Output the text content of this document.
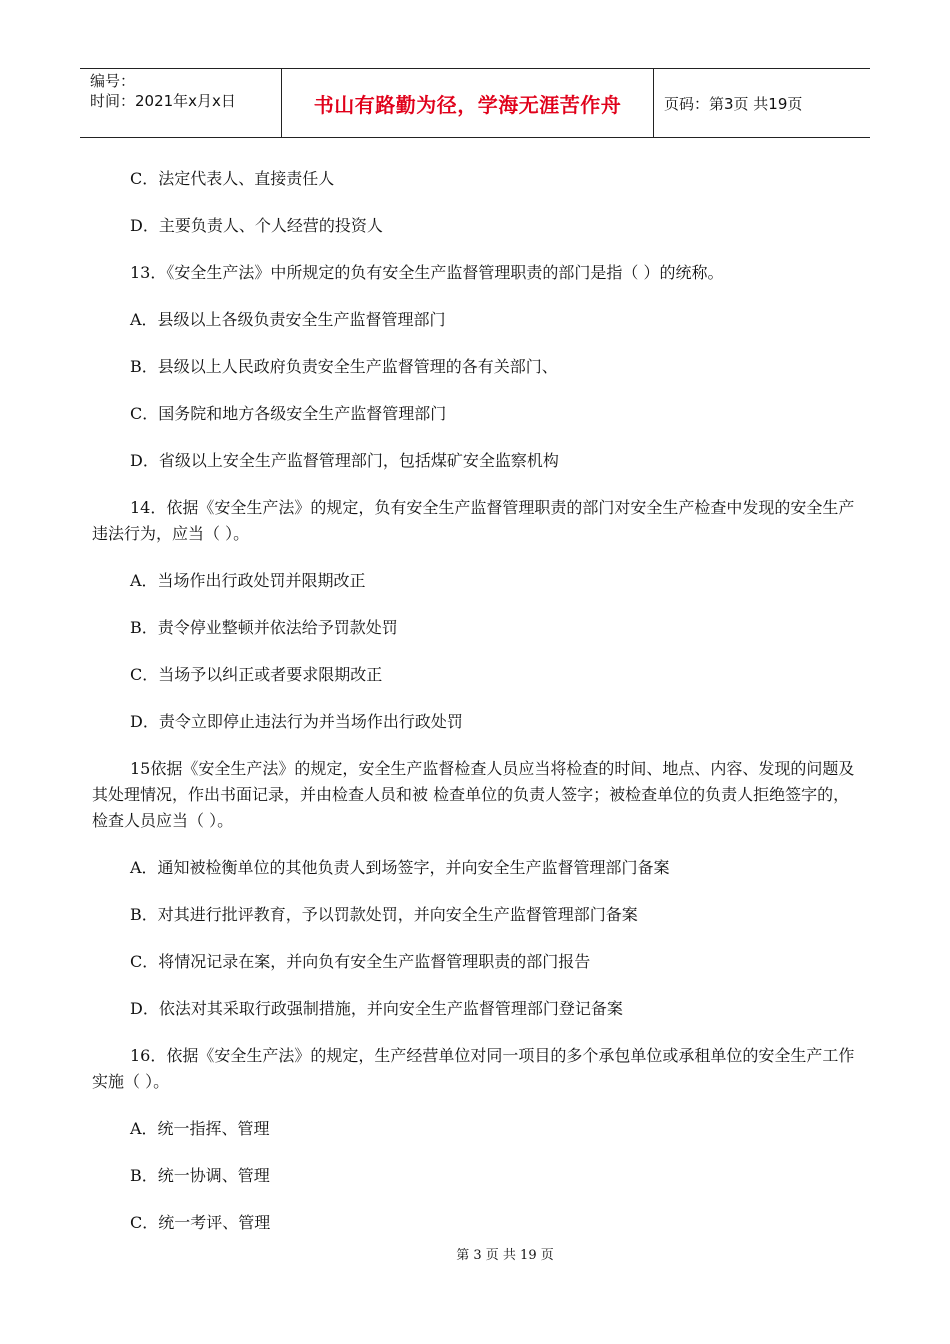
编号：
时间：2021年x月x日	书山有路勤为径，学海无涯苦作舟	页码：第3页 共19页

C．法定代表人、直接责任人

D．主要负责人、个人经营的投资人

13．《安全生产法》中所规定的负有安全生产监督管理职责的部门是指（ ）的统称。

A．县级以上各级负责安全生产监督管理部门

B．县级以上人民政府负责安全生产监督管理的各有关部门、

C．国务院和地方各级安全生产监督管理部门

D．省级以上安全生产监督管理部门，包括煤矿安全监察机构

14．依据《安全生产法》的规定，负有安全生产监督管理职责的部门对安全生产检查中发现的安全生产违法行为，应当（ ）。

A．当场作出行政处罚并限期改正

B．责令停业整顿并依法给予罚款处罚

C．当场予以纠正或者要求限期改正

D．责令立即停止违法行为并当场作出行政处罚

15依据《安全生产法》的规定，安全生产监督检查人员应当将检查的时间、地点、内容、发现的问题及其处理情况，作出书面记录，并由检查人员和被 检查单位的负责人签字；被检查单位的负责人拒绝签字的，检查人员应当（ ）。

A．通知被检衡单位的其他负责人到场签字，并向安全生产监督管理部门备案

B．对其进行批评教育，予以罚款处罚，并向安全生产监督管理部门备案

C．将情况记录在案，并向负有安全生产监督管理职责的部门报告

D．依法对其采取行政强制措施，并向安全生产监督管理部门登记备案

16．依据《安全生产法》的规定，生产经营单位对同一项目的多个承包单位或承租单位的安全生产工作实施（ ）。

A．统一指挥、管理

B．统一协调、管理

C．统一考评、管理

第 3 页 共 19 页
